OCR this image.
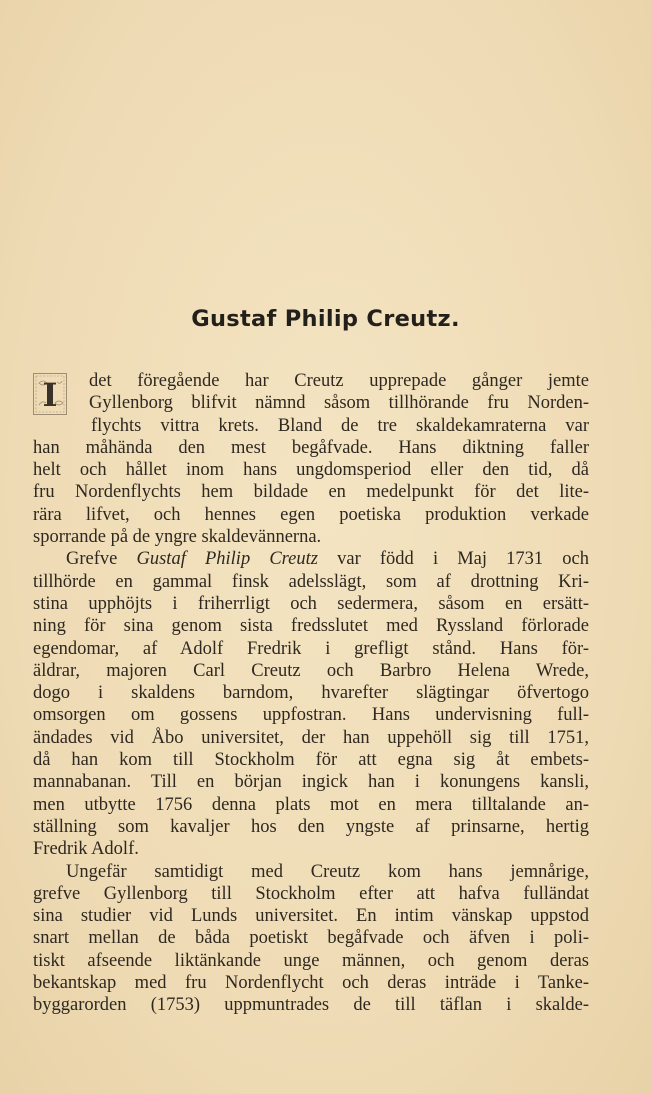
Gustaf Philip Creutz.
I	det föregående har Creutz upprepade gånger jemte
Gyllenborg blifvit nämnd såsom tillhörande fru Norden-
flychts vittra krets. Bland de tre skaldekamraterna var
han måhända den mest begåfvade. Hans diktning faller
helt och hållet inom hans ungdomsperiod eller den tid, då
fru Nordenflychts hem bildade en medelpunkt för det lite-
rära lifvet, och hennes egen poetiska produktion verkade
sporrande på de yngre skaldevännerna.
Grefve Gustaf Philip Creutz var född i Maj 1731 och
tillhörde en gammal finsk adelsslägt, som af drottning Kri-
stina upphöjts i friherrligt och sedermera, såsom en ersätt-
ning för sina genom sista fredsslutet med Ryssland förlorade
egendomar, af Adolf Fredrik i grefligt stånd. Hans för-
äldrar, majoren Carl Creutz och Barbro Helena Wrede,
dogo i skaldens barndom, hvarefter slägtingar öfvertogo
omsorgen om gossens uppfostran. Hans undervisning full-
ändades vid Åbo universitet, der han uppehöll sig till 1751,
då han kom till Stockholm för att egna sig åt embets-
mannabanan. Till en början ingick han i konungens kansli,
men utbytte 1756 denna plats mot en mera tilltalande an-
ställning som kavaljer hos den yngste af prinsarne, hertig
Fredrik Adolf.
Ungefär samtidigt med Creutz kom hans jemnårige,
grefve Gyllenborg till Stockholm efter att hafva fulländat
sina studier vid Lunds universitet. En intim vänskap uppstod
snart mellan de båda poetiskt begåfvade och äfven i poli-
tiskt afseende liktänkande unge männen, och genom deras
bekantskap med fru Nordenflycht och deras inträde i Tanke-
byggarorden (1753) uppmuntrades de till täflan i skalde-
